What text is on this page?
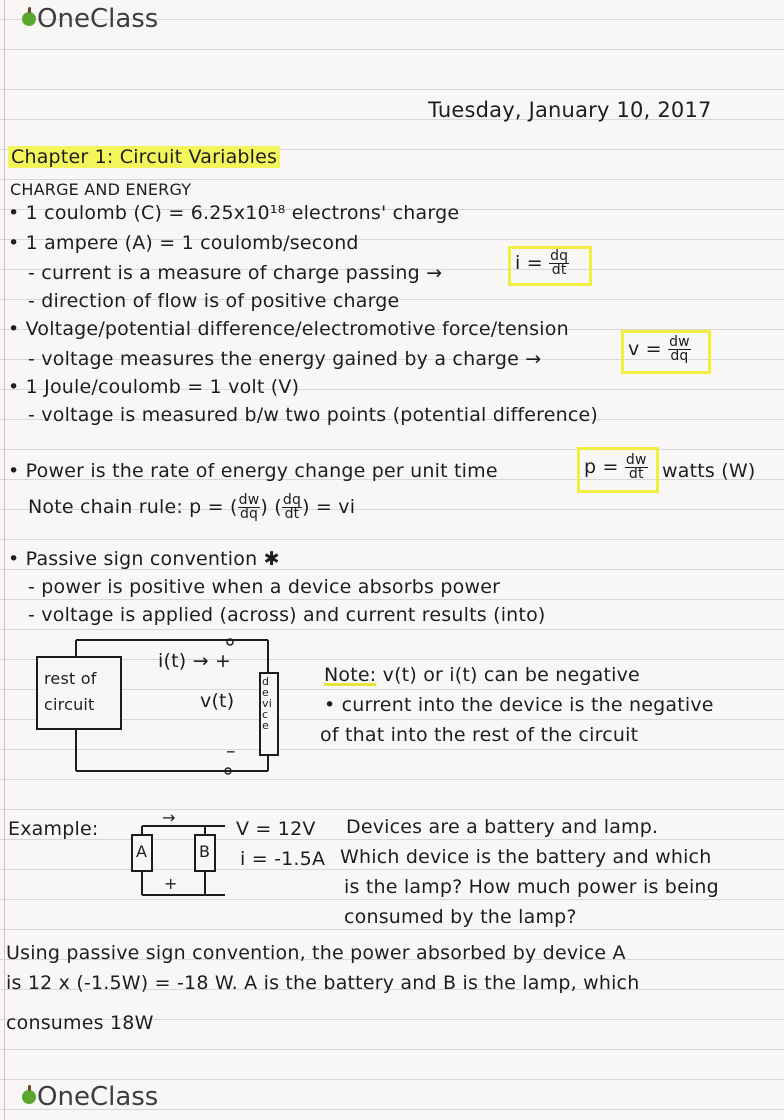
OneClass
Tuesday, January 10, 2017
Chapter 1: Circuit Variables
CHARGE AND ENERGY
• 1 coulomb (C) = 6.25x10¹⁸ electrons' charge
• 1 ampere (A) = 1 coulomb/second
- current is a measure of charge passing →	$i = \frac{dq}{dt}$
- direction of flow is of positive charge
• Voltage/potential difference/electromotive force/tension
- voltage measures the energy gained by a charge →	$v = \frac{dw}{dq}$
• 1 Joule/coulomb = 1 volt (V)
- voltage is measured b/w two points (potential difference)
• Power is the rate of energy change per unit time	$p = \frac{dw}{dt}$ watts (W)
Note chain rule: p = ( $\frac{dw}{dq}$ ) ( $\frac{dq}{dt}$ ) = vi
• Passive sign convention ✱
- power is positive when a device absorbs power
- voltage is applied (across) and current results (into)
rest of circuit
device
i(t) → +
v(t)
–
Note: v(t) or i(t) can be negative
• current into the device is the negative
of that into the rest of the circuit
Example:
→
A	B
+
V = 12V
i = -1.5A
Devices are a battery and lamp.
Which device is the battery and which
is the lamp? How much power is being
consumed by the lamp?
Using passive sign convention, the power absorbed by device A
is 12 x (-1.5W) = -18 W. A is the battery and B is the lamp, which
consumes 18W
OneClass
